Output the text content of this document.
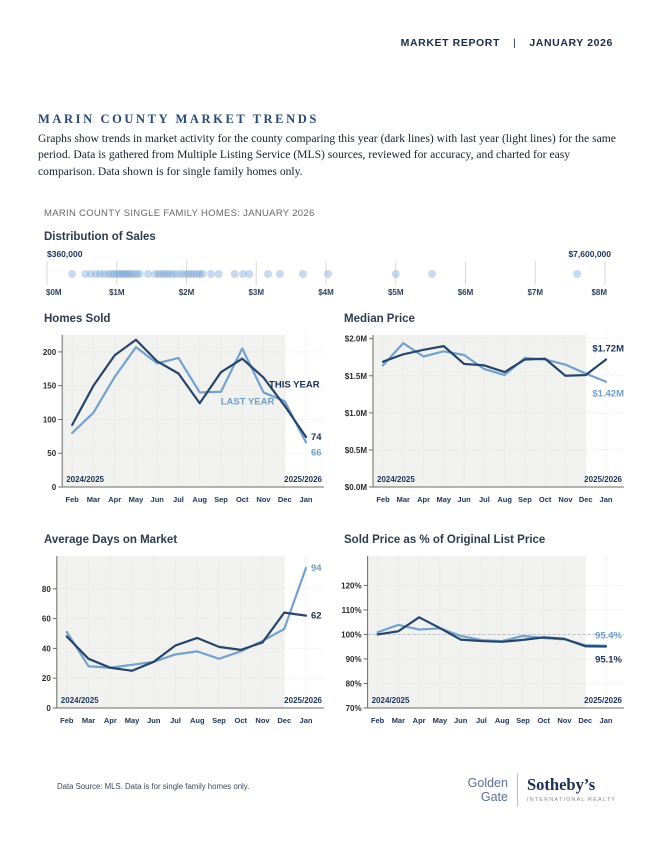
MARKET REPORT | JANUARY 2026
MARIN COUNTY MARKET TRENDS
Graphs show trends in market activity for the county comparing this year (dark lines) with last year (light lines) for the same period. Data is gathered from Multiple Listing Service (MLS) sources, reviewed for accuracy, and charted for easy comparison. Data shown is for single family homes only.
MARIN COUNTY SINGLE FAMILY HOMES: JANUARY 2026
Distribution of Sales
$0M	$1M	$2M	$3M	$4M	$5M	$6M	$7M	$8M
$360,000	$7,600,000
Homes Sold
Feb Mar Apr May Jun Jul Aug Sep Oct Nov Dec Jan
0
50
100
150
200
2024/2025	2025/2026
74
66
THIS YEAR
LAST YEAR
Median Price
Feb Mar Apr May Jun Jul Aug Sep Oct Nov Dec Jan
$0.0M
$0.5M
$1.0M
$1.5M
$2.0M
2024/2025	2025/2026
$1.72M
$1.42M
Average Days on Market
Feb Mar Apr May Jun Jul Aug Sep Oct Nov Dec Jan
0
20
40
60
80
2024/2025	2025/2026
94
62
Sold Price as % of Original List Price
Feb Mar Apr May Jun Jul Aug Sep Oct Nov Dec Jan
70%
80%
90%
100%
110%
120%
2024/2025	2025/2026
95.4%
95.1%
Data Source: MLS. Data is for single family homes only.	Golden
Gate
Sotheby’s
INTERNATIONAL REALTY
